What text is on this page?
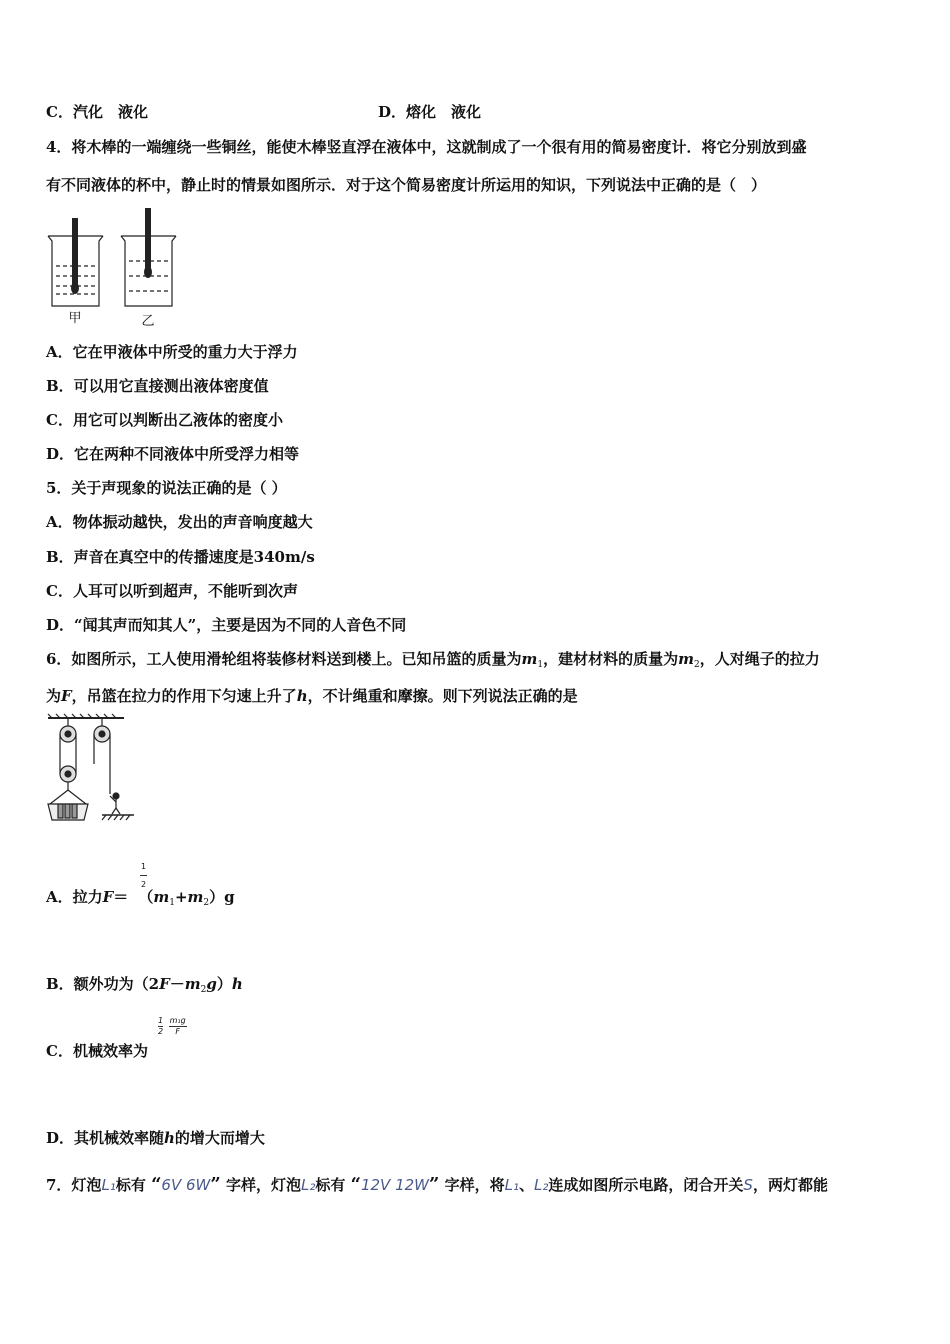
C．汽化　液化	D．熔化　液化
4．将木棒的一端缠绕一些铜丝，能使木棒竖直浮在液体中，这就制成了一个很有用的简易密度计．将它分别放到盛
有不同液体的杯中，静止时的情景如图所示．对于这个简易密度计所运用的知识，下列说法中正确的是（　）
甲	乙
A．它在甲液体中所受的重力大于浮力
B．可以用它直接测出液体密度值
C．用它可以判断出乙液体的密度小
D．它在两种不同液体中所受浮力相等
5．关于声现象的说法正确的是（ ）
A．物体振动越快，发出的声音响度越大
B．声音在真空中的传播速度是340m/s
C．人耳可以听到超声，不能听到次声
D．“闻其声而知其人”，主要是因为不同的人音色不同
6．如图所示，工人使用滑轮组将装修材料送到楼上。已知吊篮的质量为$m_1$，建材材料的质量为$m_2$，人对绳子的拉力
为F，吊篮在拉力的作用下匀速上升了h，不计绳重和摩擦。则下列说法正确的是
A．拉力$F= (m_1+m_2)g$
1
2
B．额外功为$(2F-m_2g)h$
C．机械效率为
$\frac{1}{2}$
$\frac{\text{m₁g}}{F}$
D．其机械效率随h的增大而增大
7．灯泡L₁标有 “6V 6W” 字样，灯泡L₂标有 “12V 12W” 字样，将L₁、L₂连成如图所示电路，闭合开关S，两灯都能
